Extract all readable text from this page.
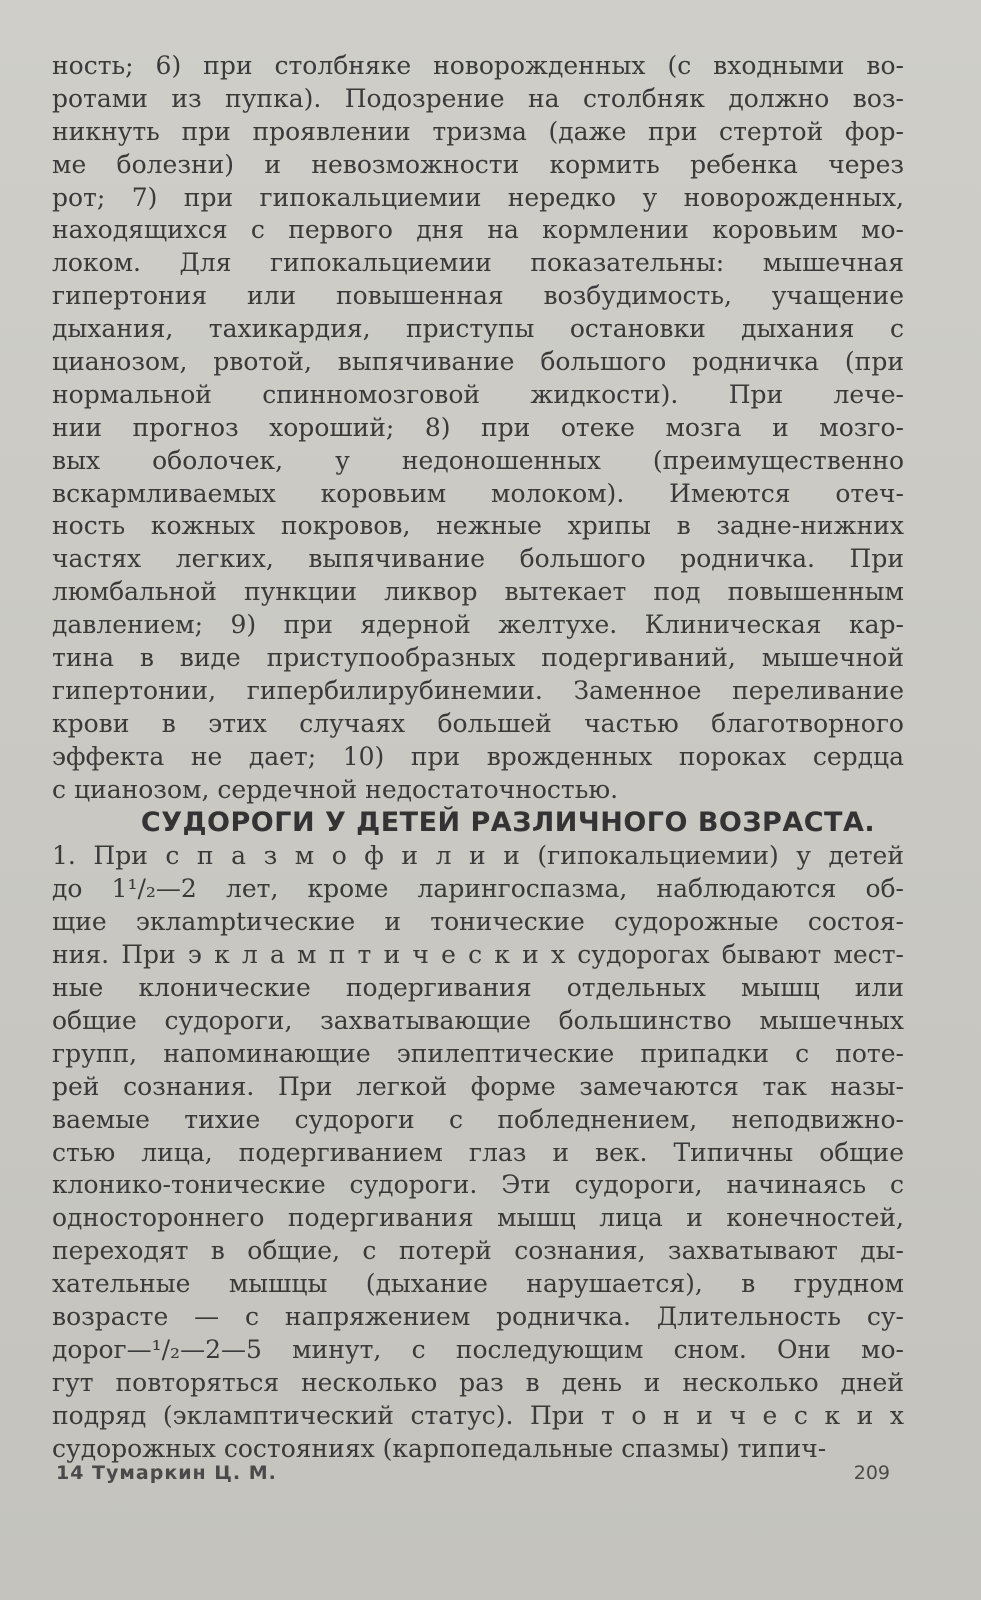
ность; 6) при столбняке новорожденных (с входными во-
ротами из пупка). Подозрение на столбняк должно воз-
никнуть при проявлении тризма (даже при стертой фор-
ме болезни) и невозможности кормить ребенка через
рот; 7) при гипокальциемии нередко у новорожденных,
находящихся с первого дня на кормлении коровьим мо-
локом. Для гипокальциемии показательны: мышечная
гипертония или повышенная возбудимость, учащение
дыхания, тахикардия, приступы остановки дыхания с
цианозом, рвотой, выпячивание большого родничка (при
нормальной спинномозговой жидкости). При лече-
нии прогноз хороший; 8) при отеке мозга и мозго-
вых оболочек, у недоношенных (преимущественно
вскармливаемых коровьим молоком). Имеются отеч-
ность кожных покровов, нежные хрипы в задне-нижних
частях легких, выпячивание большого родничка. При
люмбальной пункции ликвор вытекает под повышенным
давлением; 9) при ядерной желтухе. Клиническая кар-
тина в виде приступообразных подергиваний, мышечной
гипертонии, гипербилирубинемии. Заменное переливание
крови в этих случаях большей частью благотворного
эффекта не дает; 10) при врожденных пороках сердца
с цианозом, сердечной недостаточностью.
СУДОРОГИ У ДЕТЕЙ РАЗЛИЧНОГО ВОЗРАСТА.
1. При с п а з м о ф и л и и (гипокальциемии) у детей
до 1¹/₂—2 лет, кроме ларингоспазма, наблюдаются об-
щие эклamptические и тонические судорожные состоя-
ния. При э к л а м п т и ч е с к и х судорогах бывают мест-
ные клонические подергивания отдельных мышц или
общие судороги, захватывающие большинство мышечных
групп, напоминающие эпилептические припадки с поте-
рей сознания. При легкой форме замечаются так назы-
ваемые тихие судороги с побледнением, неподвижно-
стью лица, подергиванием глаз и век. Типичны общие
клонико-тонические судороги. Эти судороги, начинаясь с
одностороннего подергивания мышц лица и конечностей,
переходят в общие, с потерй сознания, захватывают ды-
хательные мышцы (дыхание нарушается), в грудном
возрасте — с напряжением родничка. Длительность су-
дорог—¹/₂—2—5 минут, с последующим сном. Они мо-
гут повторяться несколько раз в день и несколько дней
подряд (экламптический статус). При т о н и ч е с к и х
судорожных состояниях (карпопедальные спазмы) типич-
14 Тумаркин Ц. М.	209
